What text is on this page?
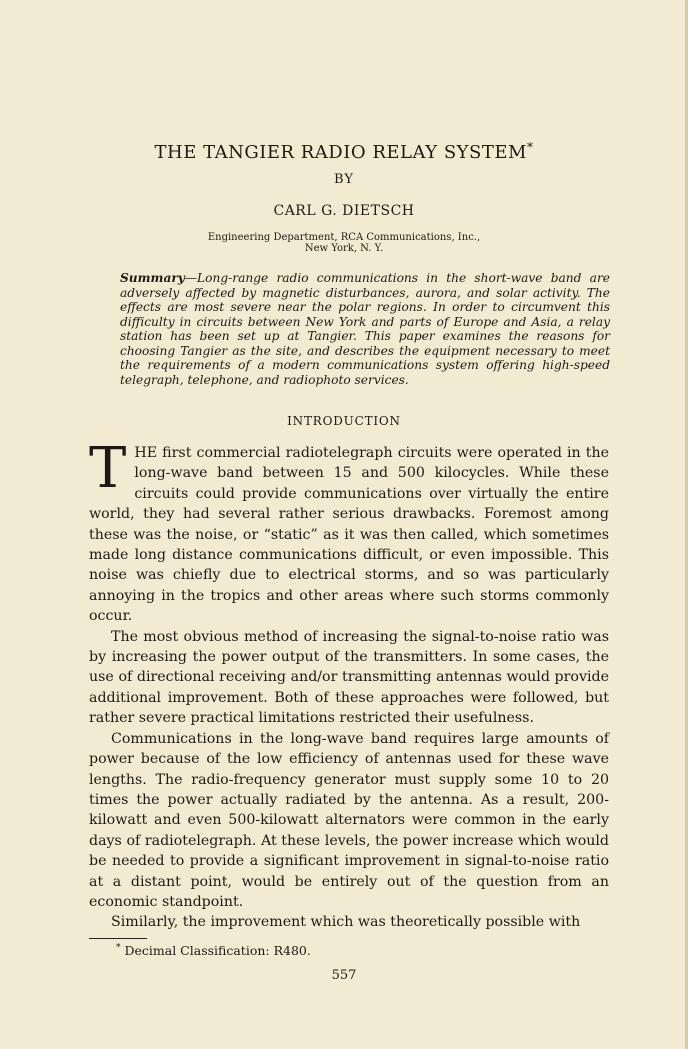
THE TANGIER RADIO RELAY SYSTEM*
BY
CARL G. DIETSCH
Engineering Department, RCA Communications, Inc.,
New York, N. Y.
Summary—Long-range radio communications in the short-wave band are adversely affected by magnetic disturbances, aurora, and solar activity. The effects are most severe near the polar regions. In order to circumvent this difficulty in circuits between New York and parts of Europe and Asia, a relay station has been set up at Tangier. This paper examines the reasons for choosing Tangier as the site, and describes the equipment necessary to meet the requirements of a modern communications system offering high-speed telegraph, telephone, and radiophoto services.
INTRODUCTION

THE first commercial radiotelegraph circuits were operated in the long-wave band between 15 and 500 kilocycles. While these circuits could provide communications over virtually the entire world, they had several rather serious drawbacks. Foremost among these was the noise, or “static” as it was then called, which sometimes made long distance communications difficult, or even impossible. This noise was chiefly due to electrical storms, and so was particularly annoying in the tropics and other areas where such storms commonly occur.

The most obvious method of increasing the signal-to-noise ratio was by increasing the power output of the transmitters. In some cases, the use of directional receiving and/or transmitting antennas would provide additional improvement. Both of these approaches were followed, but rather severe practical limitations restricted their usefulness.

Communications in the long-wave band requires large amounts of power because of the low efficiency of antennas used for these wave lengths. The radio-frequency generator must supply some 10 to 20 times the power actually radiated by the antenna. As a result, 200-kilowatt and even 500-kilowatt alternators were common in the early days of radiotelegraph. At these levels, the power increase which would be needed to provide a significant improvement in signal-to-noise ratio at a distant point, would be entirely out of the question from an economic standpoint.

Similarly, the improvement which was theoretically possible with

* Decimal Classification: R480.
557
